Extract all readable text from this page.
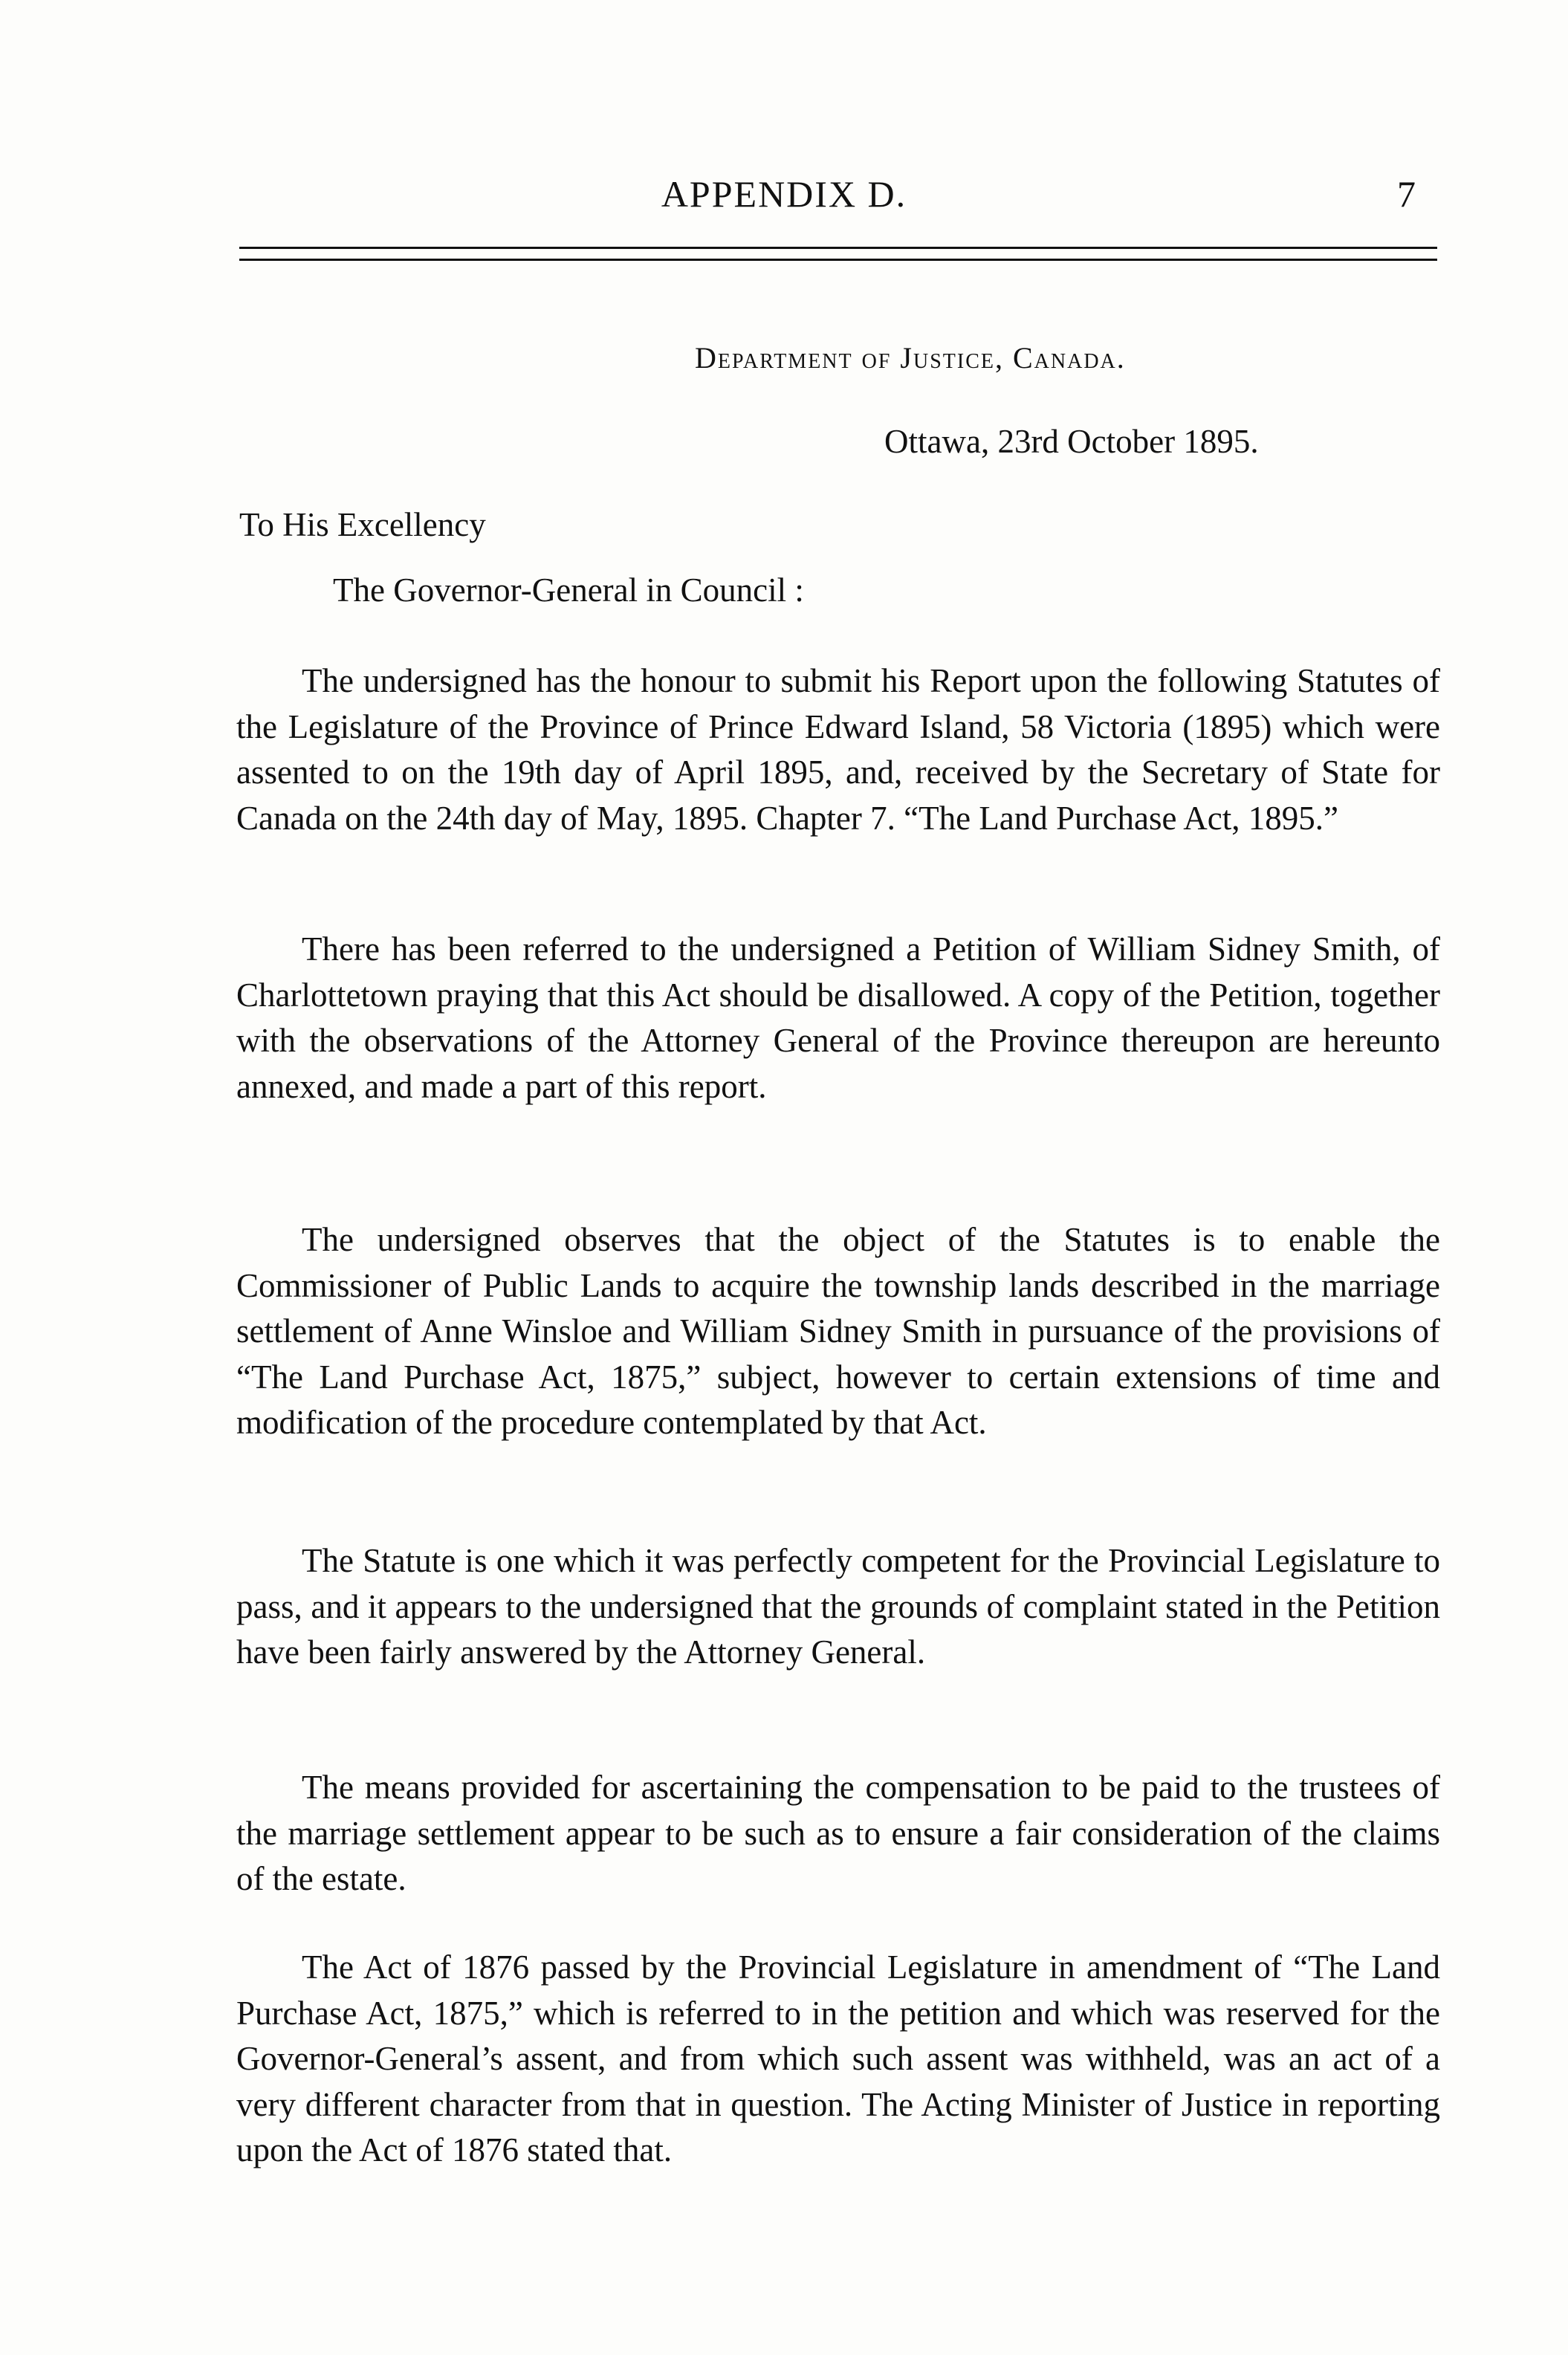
APPENDIX D.	7
Department of Justice, Canada.
Ottawa, 23rd October 1895.
To His Excellency
The Governor-General in Council :

The undersigned has the honour to submit his Report upon the following Statutes of the Legislature of the Province of Prince Edward Island, 58 Victoria (1895) which were assented to on the 19th day of April 1895, and, received by the Secretary of State for Canada on the 24th day of May, 1895. Chapter 7. “The Land Purchase Act, 1895.”

There has been referred to the undersigned a Petition of William Sidney Smith, of Charlottetown praying that this Act should be disallowed. A copy of the Petition, together with the observations of the Attorney General of the Province thereupon are hereunto annexed, and made a part of this report.

The undersigned observes that the object of the Statutes is to enable the Commissioner of Public Lands to acquire the township lands described in the marriage settlement of Anne Winsloe and William Sidney Smith in pursuance of the provisions of “The Land Purchase Act, 1875,” subject, however to certain extensions of time and modification of the procedure contemplated by that Act.

The Statute is one which it was perfectly competent for the Provincial Legislature to pass, and it appears to the undersigned that the grounds of complaint stated in the Petition have been fairly answered by the Attorney General.

The means provided for ascertaining the compensation to be paid to the trustees of the marriage settlement appear to be such as to ensure a fair consideration of the claims of the estate.

The Act of 1876 passed by the Provincial Legislature in amendment of “The Land Purchase Act, 1875,” which is referred to in the petition and which was reserved for the Governor-General’s assent, and from which such assent was withheld, was an act of a very different character from that in question. The Acting Minister of Justice in reporting upon the Act of 1876 stated that.
